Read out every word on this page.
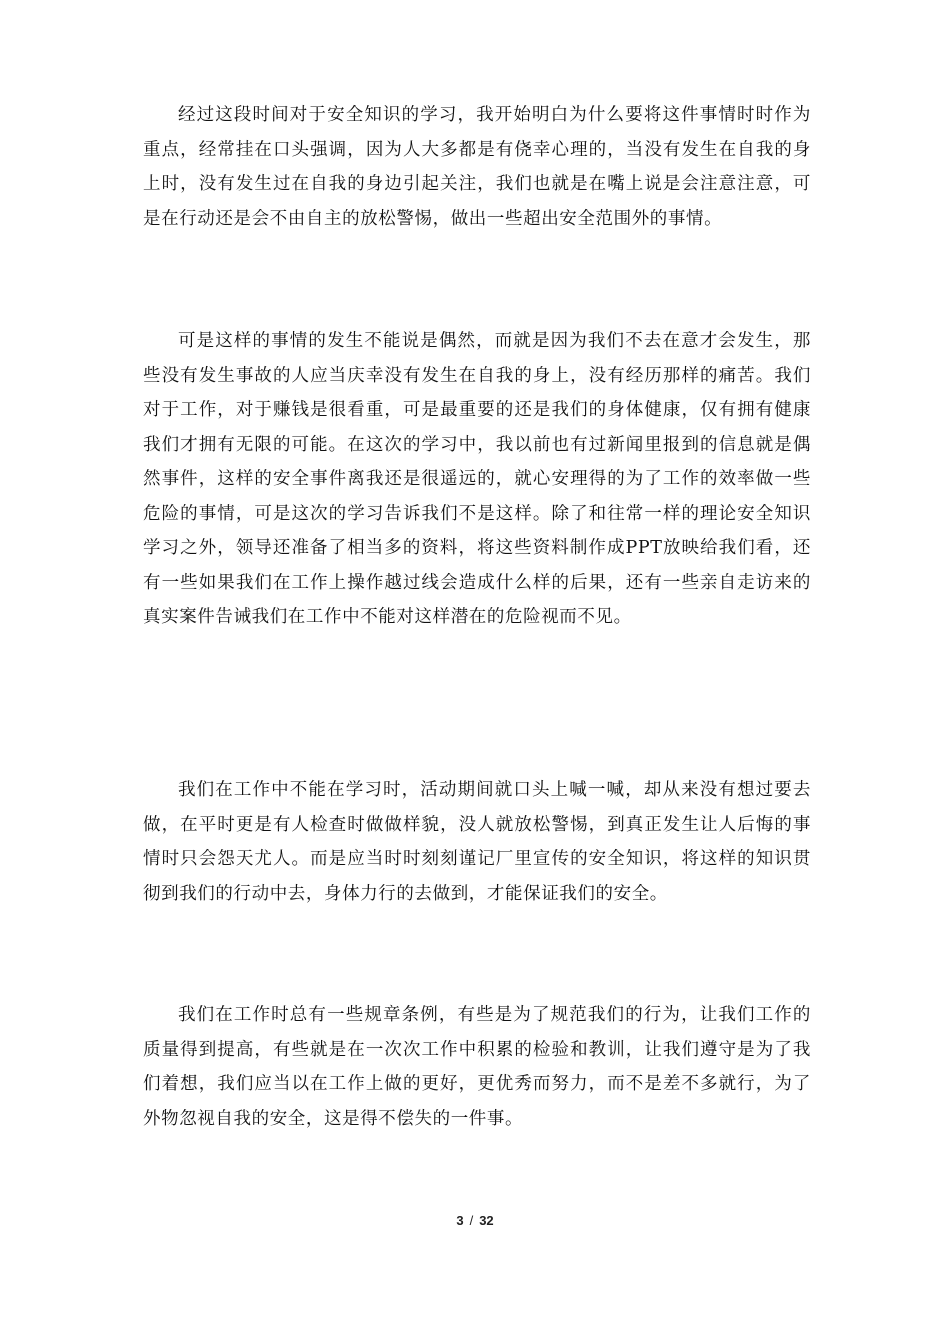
经过这段时间对于安全知识的学习，我开始明白为什么要将这件事情时时作为重点，经常挂在口头强调，因为人大多都是有侥幸心理的，当没有发生在自我的身上时，没有发生过在自我的身边引起关注，我们也就是在嘴上说是会注意注意，可是在行动还是会不由自主的放松警惕，做出一些超出安全范围外的事情。

可是这样的事情的发生不能说是偶然，而就是因为我们不去在意才会发生，那些没有发生事故的人应当庆幸没有发生在自我的身上，没有经历那样的痛苦。我们对于工作，对于赚钱是很看重，可是最重要的还是我们的身体健康，仅有拥有健康我们才拥有无限的可能。在这次的学习中，我以前也有过新闻里报到的信息就是偶然事件，这样的安全事件离我还是很遥远的，就心安理得的为了工作的效率做一些危险的事情，可是这次的学习告诉我们不是这样。除了和往常一样的理论安全知识学习之外，领导还准备了相当多的资料，将这些资料制作成PPT放映给我们看，还有一些如果我们在工作上操作越过线会造成什么样的后果，还有一些亲自走访来的真实案件告诫我们在工作中不能对这样潜在的危险视而不见。

我们在工作中不能在学习时，活动期间就口头上喊一喊，却从来没有想过要去做，在平时更是有人检查时做做样貌，没人就放松警惕，到真正发生让人后悔的事情时只会怨天尤人。而是应当时时刻刻谨记厂里宣传的安全知识，将这样的知识贯彻到我们的行动中去，身体力行的去做到，才能保证我们的安全。

我们在工作时总有一些规章条例，有些是为了规范我们的行为，让我们工作的质量得到提高，有些就是在一次次工作中积累的检验和教训，让我们遵守是为了我们着想，我们应当以在工作上做的更好，更优秀而努力，而不是差不多就行，为了外物忽视自我的安全，这是得不偿失的一件事。

3 / 32
